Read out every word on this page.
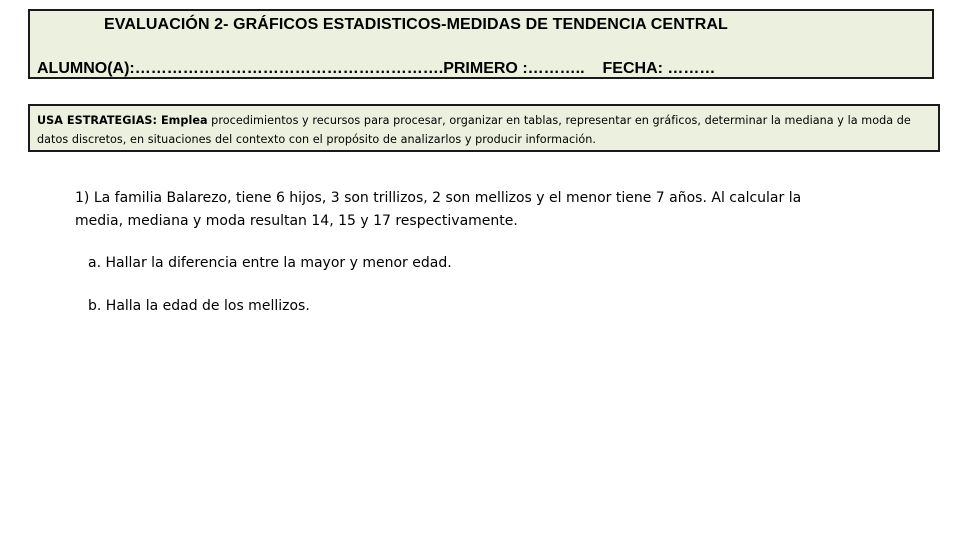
EVALUACIÓN 2- GRÁFICOS ESTADISTICOS-MEDIDAS DE TENDENCIA CENTRAL
ALUMNO(A):………………………………………………….PRIMERO :……….. FECHA: ………
USA ESTRATEGIAS: Emplea procedimientos y recursos para procesar, organizar en tablas, representar en gráficos, determinar la mediana y la moda de datos discretos, en situaciones del contexto con el propósito de analizarlos y producir información.
1) La familia Balarezo, tiene 6 hijos, 3 son trillizos, 2 son mellizos y el menor tiene 7 años. Al calcular la media, mediana y moda resultan 14, 15 y 17 respectivamente.
a. Hallar la diferencia entre la mayor y menor edad.
b. Halla la edad de los mellizos.
